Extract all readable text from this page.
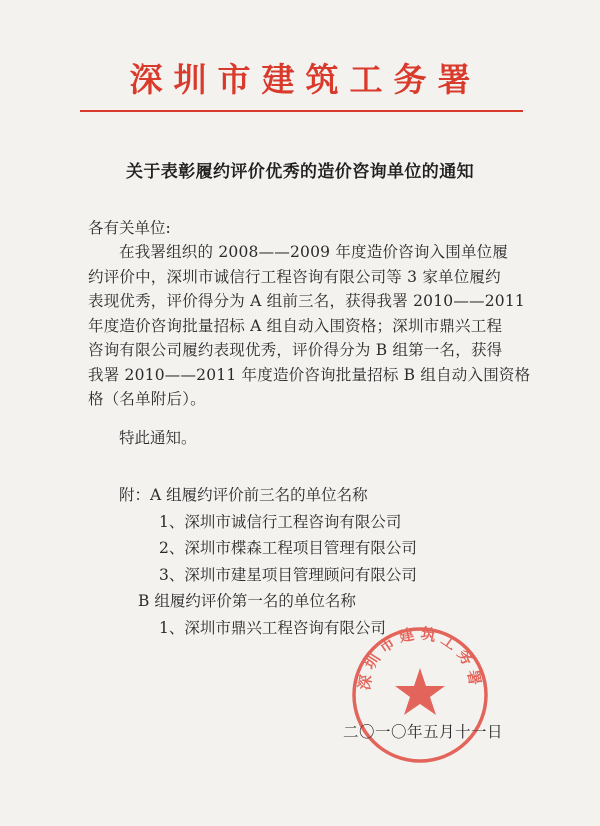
深圳市建筑工务署
关于表彰履约评价优秀的造价咨询单位的通知
各有关单位:
在我署组织的 2008——2009 年度造价咨询入围单位履
约评价中，深圳市诚信行工程咨询有限公司等 3 家单位履约
表现优秀，评价得分为 A 组前三名，获得我署 2010——2011
年度造价咨询批量招标 A 组自动入围资格；深圳市鼎兴工程
咨询有限公司履约表现优秀，评价得分为 B 组第一名，获得
我署 2010——2011 年度造价咨询批量招标 B 组自动入围资格
格（名单附后）。
特此通知。
附：A 组履约评价前三名的单位名称
1、深圳市诚信行工程咨询有限公司
2、深圳市楪森工程项目管理有限公司
3、深圳市建星项目管理顾问有限公司
B 组履约评价第一名的单位名称
1、深圳市鼎兴工程咨询有限公司
深圳市建筑工务署
二〇一〇年五月十一日
